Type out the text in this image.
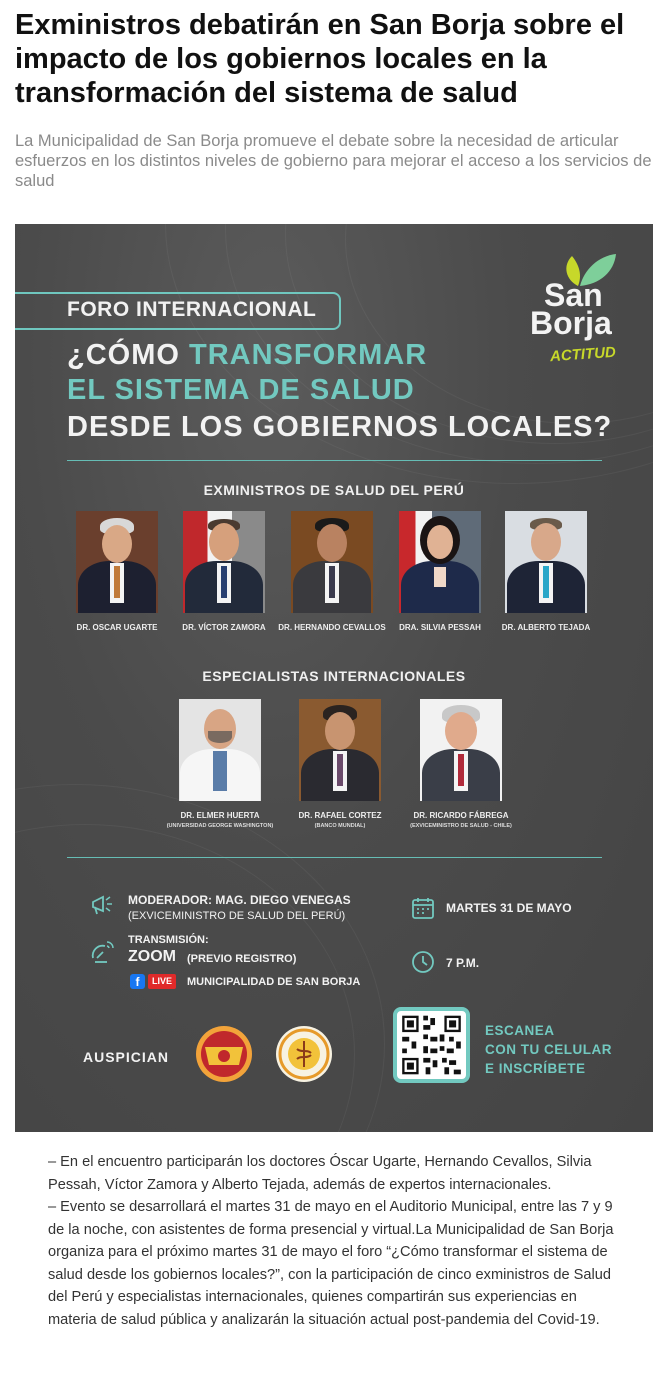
Exministros debatirán en San Borja sobre el impacto de los gobiernos locales en la transformación del sistema de salud

La Municipalidad de San Borja promueve el debate sobre la necesidad de articular esfuerzos en los distintos niveles de gobierno para mejorar el acceso a los servicios de salud

FORO INTERNACIONAL
¿CÓMO TRANSFORMAR
EL SISTEMA DE SALUD
DESDE LOS GOBIERNOS LOCALES?
San
Borja
ACTITUD
EXMINISTROS DE SALUD DEL PERÚ
DR. OSCAR UGARTE	DR. VÍCTOR ZAMORA	DR. HERNANDO CEVALLOS	DRA. SILVIA PESSAH	DR. ALBERTO TEJADA
ESPECIALISTAS INTERNACIONALES
DR. ELMER HUERTA
(UNIVERSIDAD GEORGE WASHINGTON)
DR. RAFAEL CORTEZ
(BANCO MUNDIAL)
DR. RICARDO FÁBREGA
(EXVICEMINISTRO DE SALUD - CHILE)
MODERADOR: MAG. DIEGO VENEGAS
(EXVICEMINISTRO DE SALUD DEL PERÚ)
TRANSMISIÓN:
ZOOM (PREVIO REGISTRO)
f	LIVE	MUNICIPALIDAD DE SAN BORJA
MARTES 31 DE MAYO
7 P.M.
AUSPICIAN
ESCANEA
CON TU CELULAR
E INSCRÍBETE

– En el encuentro participarán los doctores Óscar Ugarte, Hernando Cevallos, Silvia Pessah, Víctor Zamora y Alberto Tejada, además de expertos internacionales.

– Evento se desarrollará el martes 31 de mayo en el Auditorio Municipal, entre las 7 y 9 de la noche, con asistentes de forma presencial y virtual.La Municipalidad de San Borja organiza para el próximo martes 31 de mayo el foro “¿Cómo transformar el sistema de salud desde los gobiernos locales?”, con la participación de cinco exministros de Salud del Perú y especialistas internacionales, quienes compartirán sus experiencias en materia de salud pública y analizarán la situación actual post-pandemia del Covid-19.
